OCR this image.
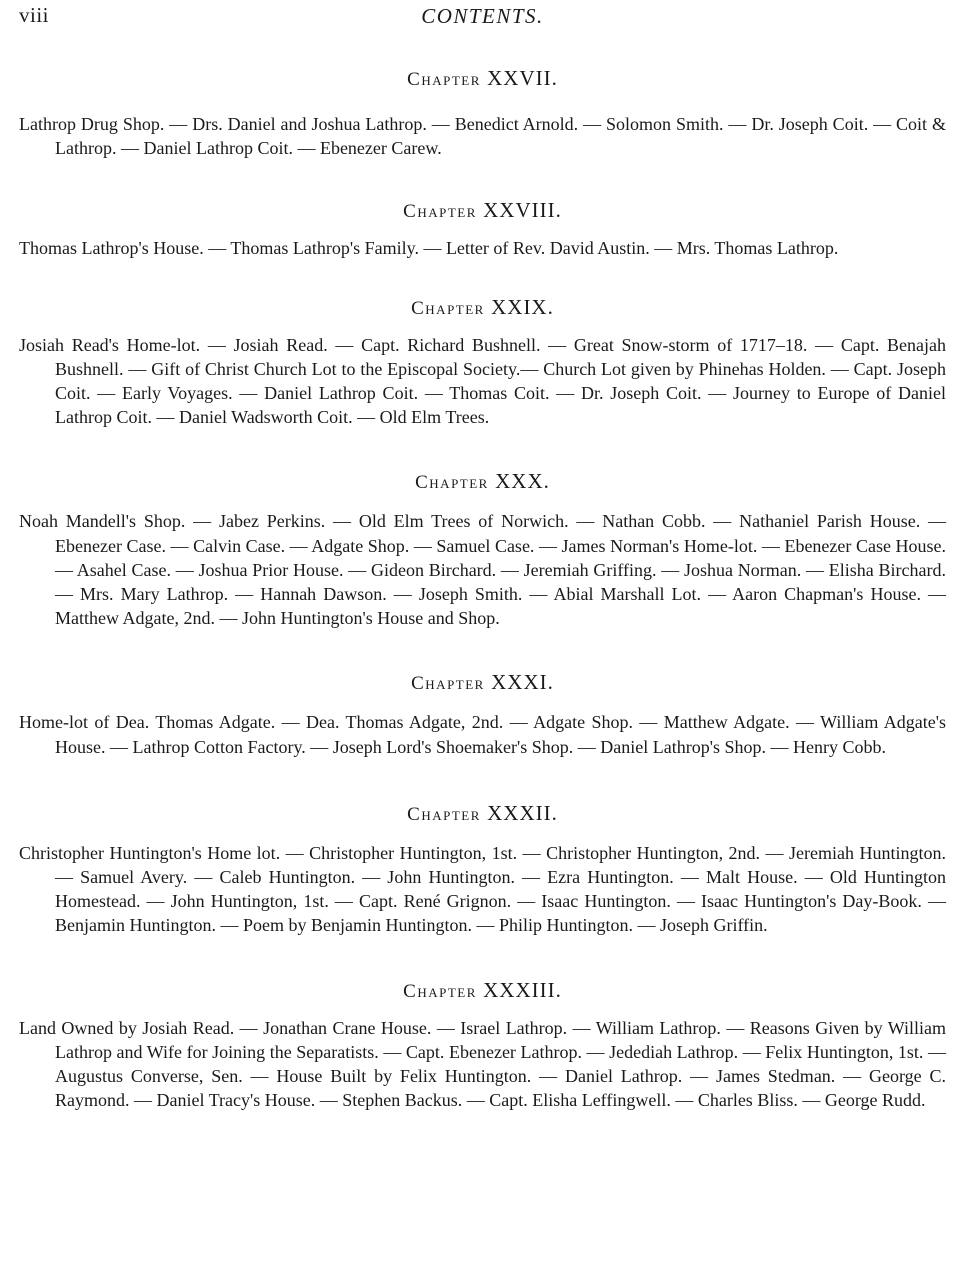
viii	CONTENTS.
Chapter XXVII.

Lathrop Drug Shop. — Drs. Daniel and Joshua Lathrop. — Benedict Arnold. — Solomon Smith. — Dr. Joseph Coit. — Coit & Lathrop. — Daniel Lathrop Coit. — Ebenezer Carew.

Chapter XXVIII.

Thomas Lathrop's House. — Thomas Lathrop's Family. — Letter of Rev. David Austin. — Mrs. Thomas Lathrop.

Chapter XXIX.

Josiah Read's Home-lot. — Josiah Read. — Capt. Richard Bushnell. — Great Snow-storm of 1717–18. — Capt. Benajah Bushnell. — Gift of Christ Church Lot to the Episcopal Society.— Church Lot given by Phinehas Holden. — Capt. Joseph Coit. — Early Voyages. — Daniel Lathrop Coit. — Thomas Coit. — Dr. Joseph Coit. — Journey to Europe of Daniel Lathrop Coit. — Daniel Wadsworth Coit. — Old Elm Trees.

Chapter XXX.

Noah Mandell's Shop. — Jabez Perkins. — Old Elm Trees of Norwich. — Nathan Cobb. — Nathaniel Parish House. — Ebenezer Case. — Calvin Case. — Adgate Shop. — Samuel Case. — James Norman's Home-lot. — Ebenezer Case House. — Asahel Case. — Joshua Prior House. — Gideon Birchard. — Jeremiah Griffing. — Joshua Norman. — Elisha Birchard. — Mrs. Mary Lathrop. — Hannah Dawson. — Joseph Smith. — Abial Marshall Lot. — Aaron Chapman's House. — Matthew Adgate, 2nd. — John Huntington's House and Shop.

Chapter XXXI.

Home-lot of Dea. Thomas Adgate. — Dea. Thomas Adgate, 2nd. — Adgate Shop. — Matthew Adgate. — William Adgate's House. — Lathrop Cotton Factory. — Joseph Lord's Shoemaker's Shop. — Daniel Lathrop's Shop. — Henry Cobb.

Chapter XXXII.

Christopher Huntington's Home lot. — Christopher Huntington, 1st. — Christopher Huntington, 2nd. — Jeremiah Huntington. — Samuel Avery. — Caleb Huntington. — John Huntington. — Ezra Huntington. — Malt House. — Old Huntington Homestead. — John Huntington, 1st. — Capt. René Grignon. — Isaac Huntington. — Isaac Huntington's Day-Book. — Benjamin Huntington. — Poem by Benjamin Huntington. — Philip Huntington. — Joseph Griffin.

Chapter XXXIII.

Land Owned by Josiah Read. — Jonathan Crane House. — Israel Lathrop. — William Lathrop. — Reasons Given by William Lathrop and Wife for Joining the Separatists. — Capt. Ebenezer Lathrop. — Jedediah Lathrop. — Felix Huntington, 1st. — Augustus Converse, Sen. — House Built by Felix Huntington. — Daniel Lathrop. — James Stedman. — George C. Raymond. — Daniel Tracy's House. — Stephen Backus. — Capt. Elisha Leffingwell. — Charles Bliss. — George Rudd.
